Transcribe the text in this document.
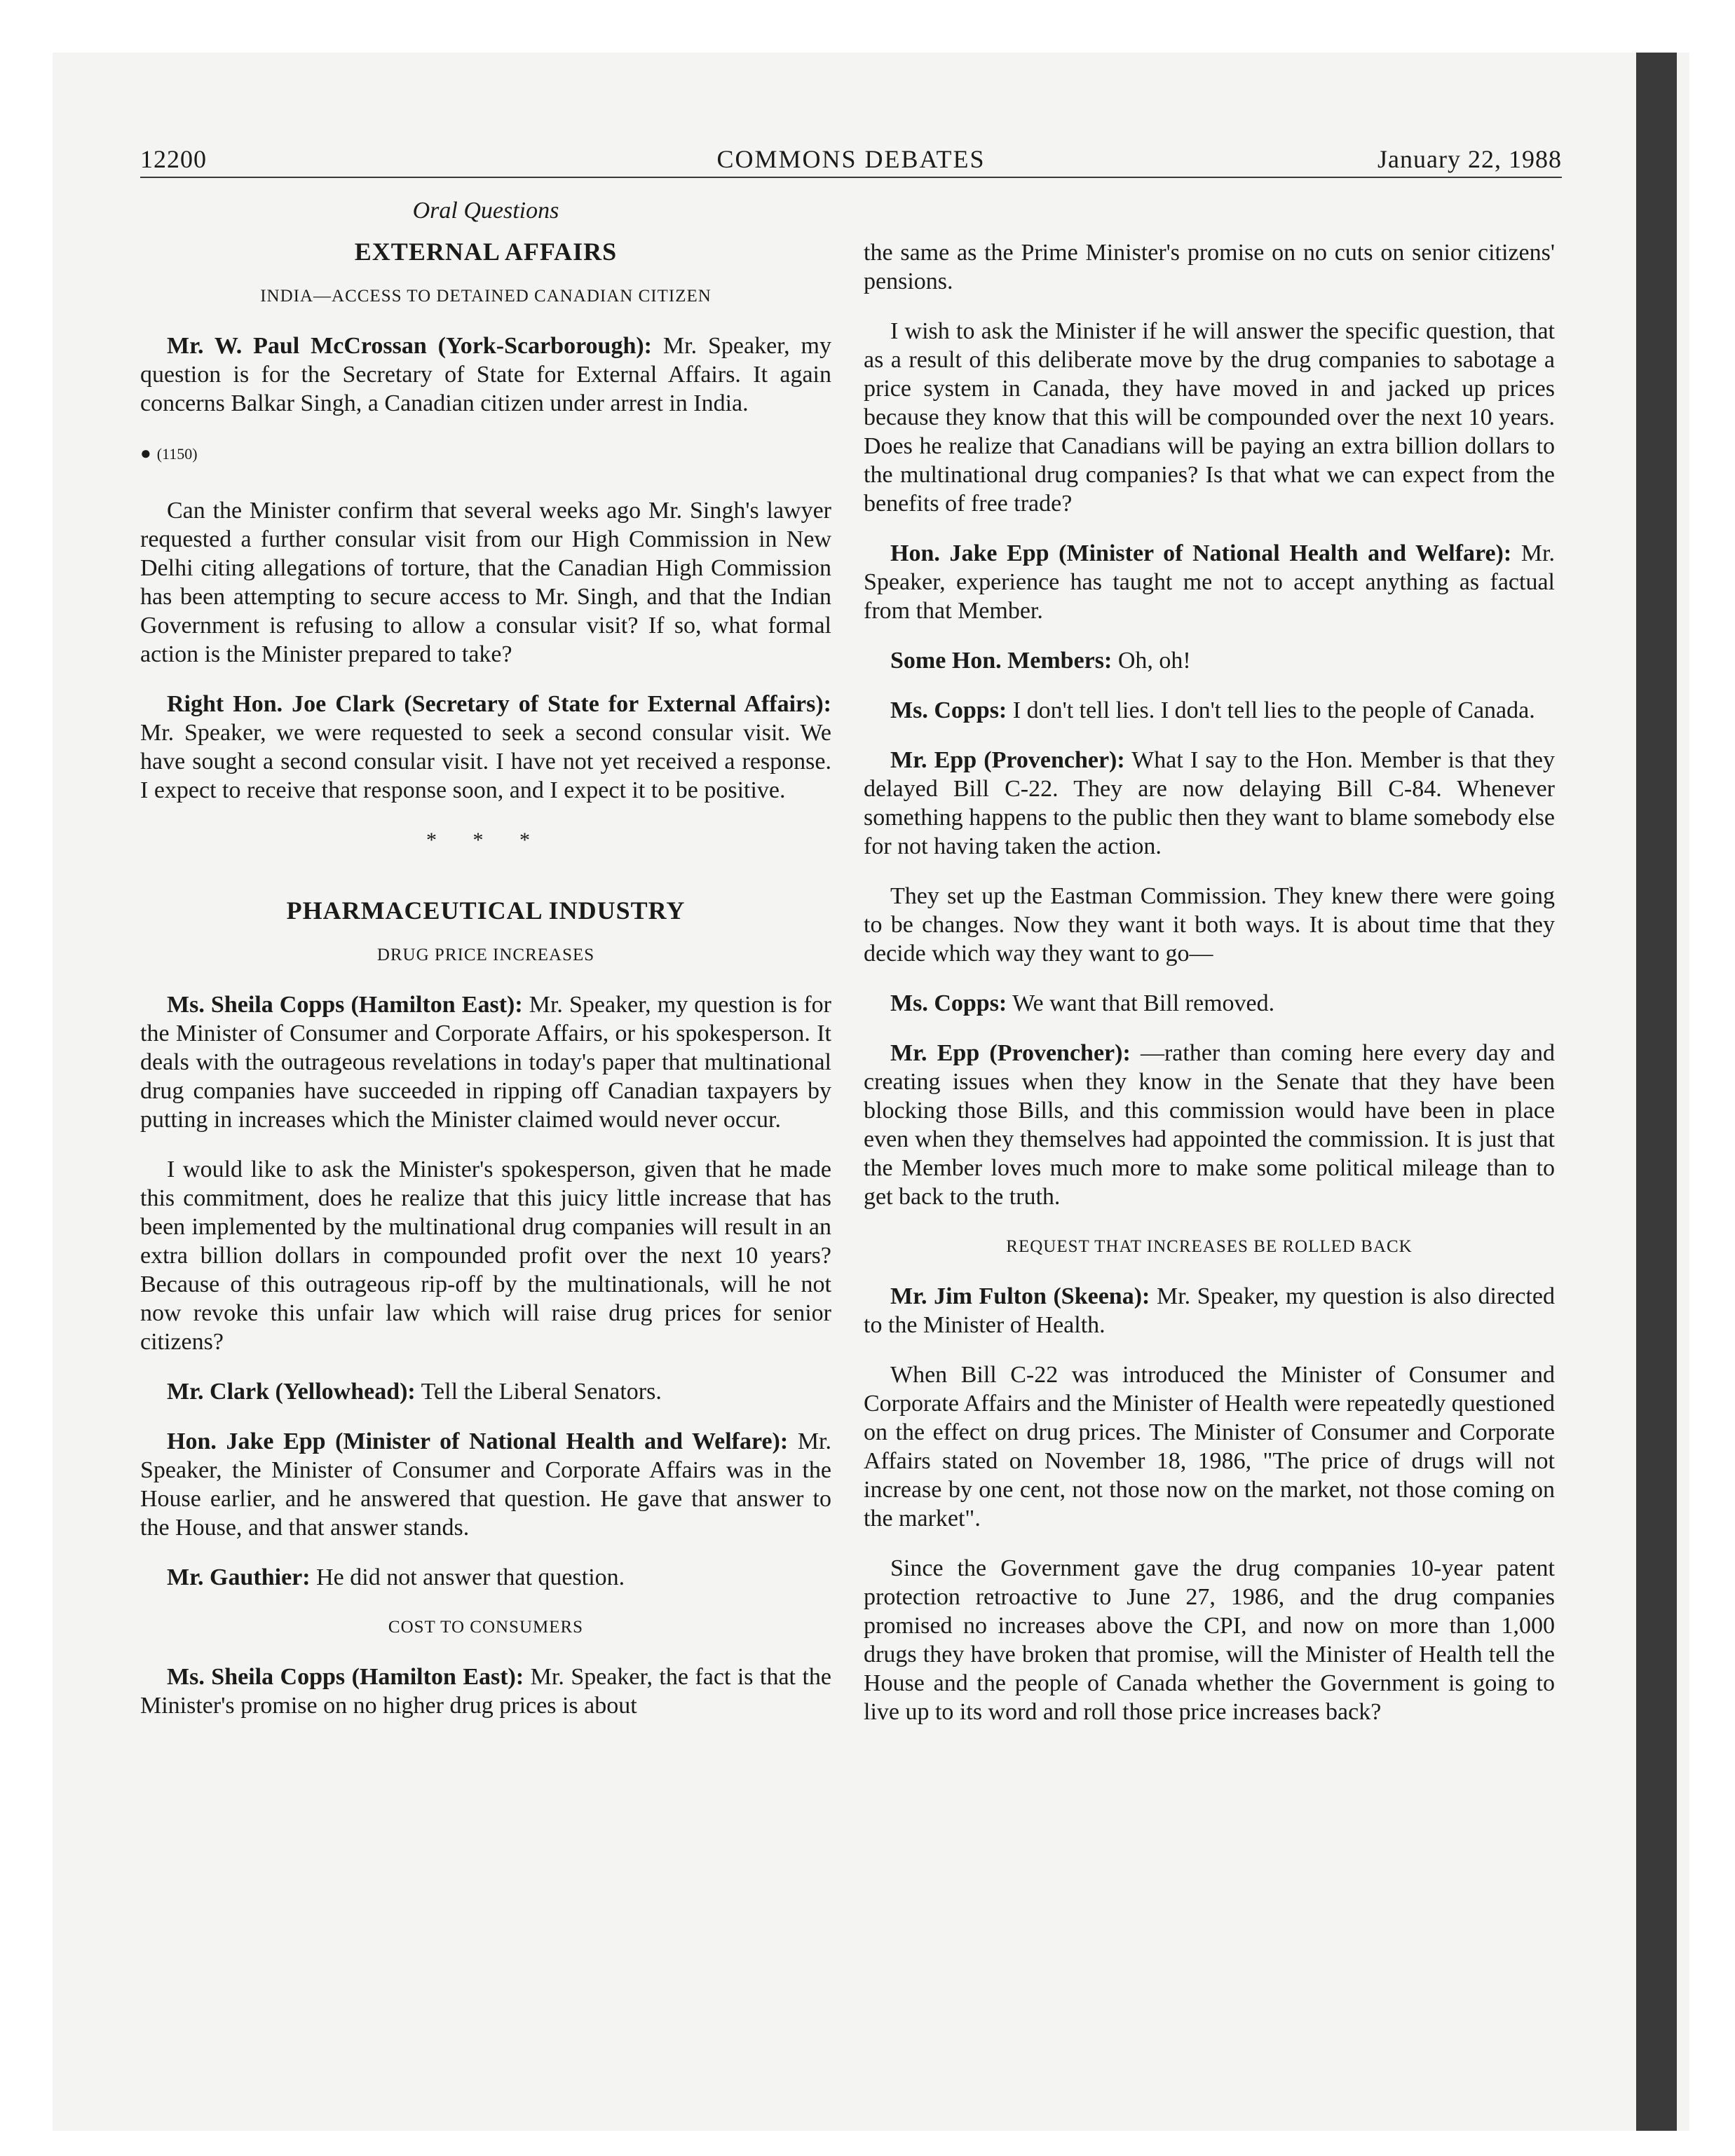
12200	COMMONS DEBATES	January 22, 1988
Oral Questions
EXTERNAL AFFAIRS
INDIA—ACCESS TO DETAINED CANADIAN CITIZEN

Mr. W. Paul McCrossan (York-Scarborough): Mr. Speaker, my question is for the Secretary of State for External Affairs. It again concerns Balkar Singh, a Canadian citizen under arrest in India.

● (1150)

Can the Minister confirm that several weeks ago Mr. Singh's lawyer requested a further consular visit from our High Commission in New Delhi citing allegations of torture, that the Canadian High Commission has been attempting to secure access to Mr. Singh, and that the Indian Government is refusing to allow a consular visit? If so, what formal action is the Minister prepared to take?

Right Hon. Joe Clark (Secretary of State for External Affairs): Mr. Speaker, we were requested to seek a second consular visit. We have sought a second consular visit. I have not yet received a response. I expect to receive that response soon, and I expect it to be positive.

* * *
PHARMACEUTICAL INDUSTRY
DRUG PRICE INCREASES

Ms. Sheila Copps (Hamilton East): Mr. Speaker, my question is for the Minister of Consumer and Corporate Affairs, or his spokesperson. It deals with the outrageous revelations in today's paper that multinational drug companies have succeeded in ripping off Canadian taxpayers by putting in increases which the Minister claimed would never occur.

I would like to ask the Minister's spokesperson, given that he made this commitment, does he realize that this juicy little increase that has been implemented by the multinational drug companies will result in an extra billion dollars in compounded profit over the next 10 years? Because of this outrageous rip-off by the multinationals, will he not now revoke this unfair law which will raise drug prices for senior citizens?

Mr. Clark (Yellowhead): Tell the Liberal Senators.

Hon. Jake Epp (Minister of National Health and Welfare): Mr. Speaker, the Minister of Consumer and Corporate Affairs was in the House earlier, and he answered that question. He gave that answer to the House, and that answer stands.

Mr. Gauthier: He did not answer that question.

COST TO CONSUMERS

Ms. Sheila Copps (Hamilton East): Mr. Speaker, the fact is that the Minister's promise on no higher drug prices is about

the same as the Prime Minister's promise on no cuts on senior citizens' pensions.

I wish to ask the Minister if he will answer the specific question, that as a result of this deliberate move by the drug companies to sabotage a price system in Canada, they have moved in and jacked up prices because they know that this will be compounded over the next 10 years. Does he realize that Canadians will be paying an extra billion dollars to the multinational drug companies? Is that what we can expect from the benefits of free trade?

Hon. Jake Epp (Minister of National Health and Welfare): Mr. Speaker, experience has taught me not to accept anything as factual from that Member.

Some Hon. Members: Oh, oh!

Ms. Copps: I don't tell lies. I don't tell lies to the people of Canada.

Mr. Epp (Provencher): What I say to the Hon. Member is that they delayed Bill C-22. They are now delaying Bill C-84. Whenever something happens to the public then they want to blame somebody else for not having taken the action.

They set up the Eastman Commission. They knew there were going to be changes. Now they want it both ways. It is about time that they decide which way they want to go—

Ms. Copps: We want that Bill removed.

Mr. Epp (Provencher): —rather than coming here every day and creating issues when they know in the Senate that they have been blocking those Bills, and this commission would have been in place even when they themselves had appointed the commission. It is just that the Member loves much more to make some political mileage than to get back to the truth.

REQUEST THAT INCREASES BE ROLLED BACK

Mr. Jim Fulton (Skeena): Mr. Speaker, my question is also directed to the Minister of Health.

When Bill C-22 was introduced the Minister of Consumer and Corporate Affairs and the Minister of Health were repeatedly questioned on the effect on drug prices. The Minister of Consumer and Corporate Affairs stated on November 18, 1986, "The price of drugs will not increase by one cent, not those now on the market, not those coming on the market".

Since the Government gave the drug companies 10-year patent protection retroactive to June 27, 1986, and the drug companies promised no increases above the CPI, and now on more than 1,000 drugs they have broken that promise, will the Minister of Health tell the House and the people of Canada whether the Government is going to live up to its word and roll those price increases back?
